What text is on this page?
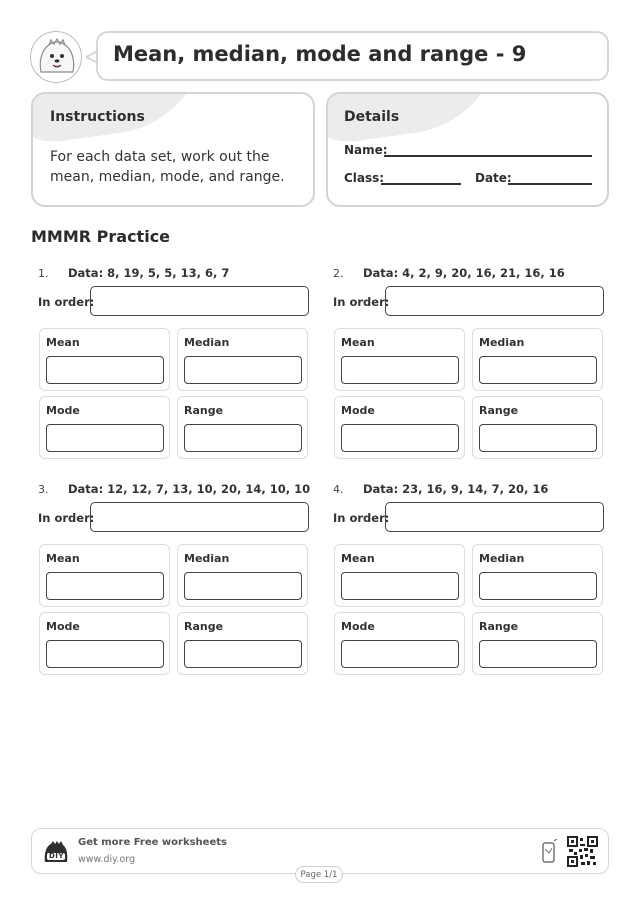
Mean, median, mode and range - 9
Instructions
For each data set, work out the mean, median, mode, and range.
Details
Name:
Class:	Date:
MMMR Practice
1. Data: 8, 19, 5, 5, 13, 6, 7
In order:
Mean	Median
Mode	Range
2. Data: 4, 2, 9, 20, 16, 21, 16, 16
In order:
Mean	Median
Mode	Range
3. Data: 12, 12, 7, 13, 10, 20, 14, 10, 10
In order:
Mean	Median
Mode	Range
4. Data: 23, 16, 9, 14, 7, 20, 16
In order:
Mean	Median
Mode	Range
DIY
Get more Free worksheets
www.diy.org
Page 1/1
